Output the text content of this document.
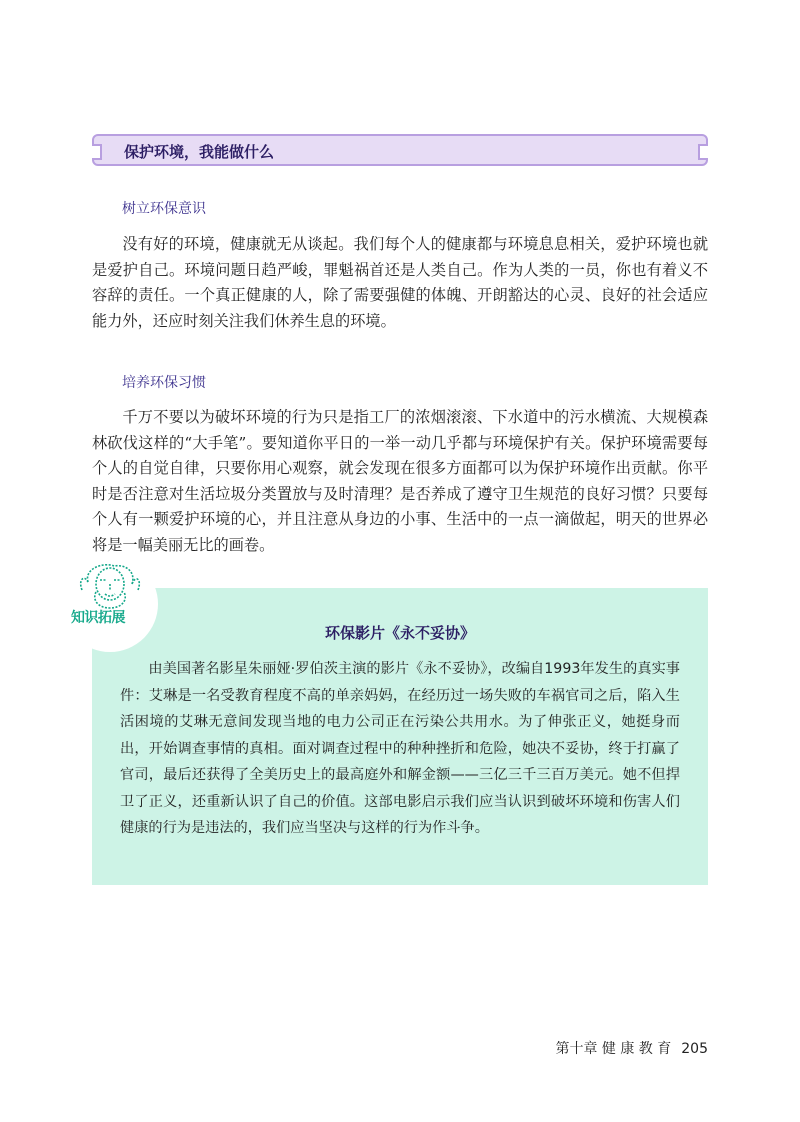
保护环境，我能做什么
树立环保意识

没有好的环境，健康就无从谈起。我们每个人的健康都与环境息息相关，爱护环境也就是爱护自己。环境问题日趋严峻，罪魁祸首还是人类自己。作为人类的一员，你也有着义不容辞的责任。一个真正健康的人，除了需要强健的体魄、开朗豁达的心灵、良好的社会适应能力外，还应时刻关注我们休养生息的环境。

培养环保习惯

千万不要以为破坏环境的行为只是指工厂的浓烟滚滚、下水道中的污水横流、大规模森林砍伐这样的“大手笔”。要知道你平日的一举一动几乎都与环境保护有关。保护环境需要每个人的自觉自律，只要你用心观察，就会发现在很多方面都可以为保护环境作出贡献。你平时是否注意对生活垃圾分类置放与及时清理？是否养成了遵守卫生规范的良好习惯？只要每个人有一颗爱护环境的心，并且注意从身边的小事、生活中的一点一滴做起，明天的世界必将是一幅美丽无比的画卷。

环保影片《永不妥协》

由美国著名影星朱丽娅·罗伯茨主演的影片《永不妥协》，改编自1993年发生的真实事件：艾琳是一名受教育程度不高的单亲妈妈，在经历过一场失败的车祸官司之后，陷入生活困境的艾琳无意间发现当地的电力公司正在污染公共用水。为了伸张正义，她挺身而出，开始调查事情的真相。面对调查过程中的种种挫折和危险，她决不妥协，终于打赢了官司，最后还获得了全美历史上的最高庭外和解金额——三亿三千三百万美元。她不但捍卫了正义，还重新认识了自己的价值。这部电影启示我们应当认识到破坏环境和伤害人们健康的行为是违法的，我们应当坚决与这样的行为作斗争。

知识拓展
第十章 健 康 教 育 205
